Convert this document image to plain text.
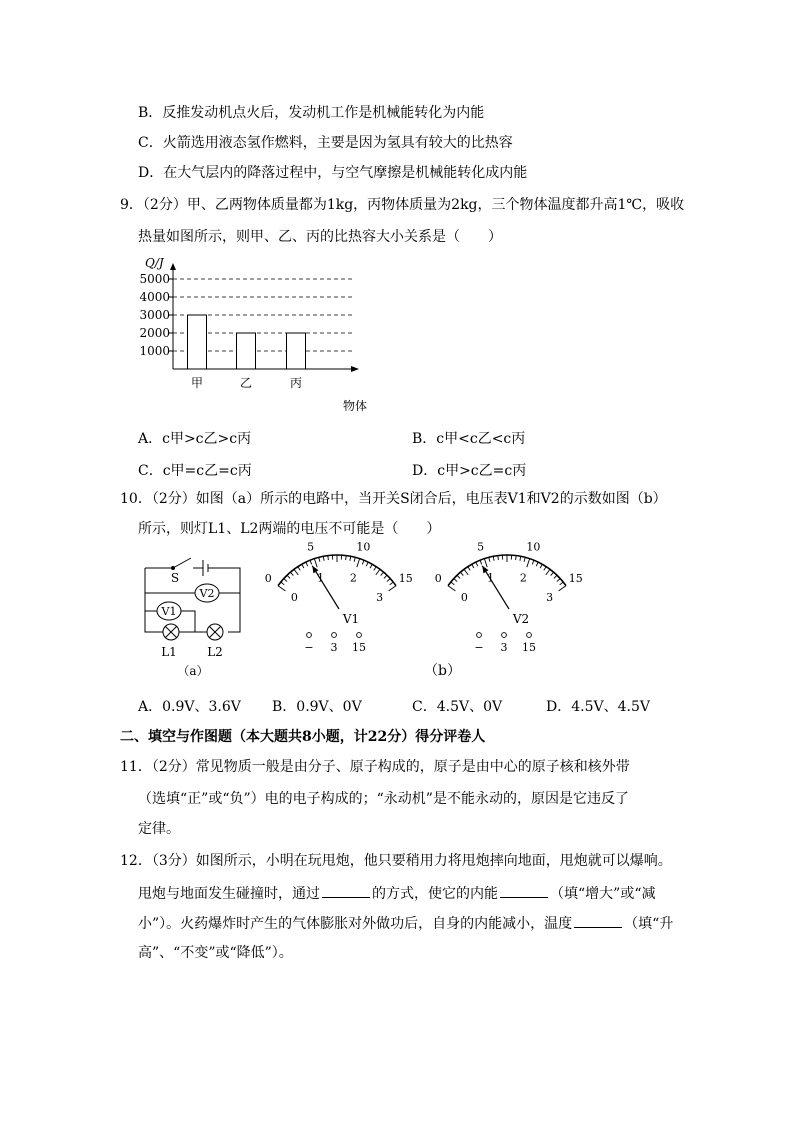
B．反推发动机点火后，发动机工作是机械能转化为内能
C．火箭选用液态氢作燃料，主要是因为氢具有较大的比热容
D．在大气层内的降落过程中，与空气摩擦是机械能转化成内能
9．（2分）甲、乙两物体质量都为1kg，丙物体质量为2kg，三个物体温度都升高1℃，吸收
热量如图所示，则甲、乙、丙的比热容大小关系是（　　）
1000
2000
3000
4000
5000
甲	乙	丙
Q/J
物体
A．c甲>c乙>c丙	B．c甲<c乙<c丙
C．c甲=c乙=c丙	D．c甲>c乙=c丙
10．（2分）如图（a）所示的电路中，当开关S闭合后，电压表V1和V2的示数如图（b）
所示，则灯L1、L2两端的电压不可能是（　　）
V2
V1
S
L1	L2
（a）
0
5	10
15
0
1 2
3
V1
− 3 15
0
5	10
15
0
1 2
3
V2
− 3 15
（b）
A．0.9V、3.6V B．0.9V、0V	C．4.5V、0V	D．4.5V、4.5V
二、填空与作图题（本大题共8小题，计22分）得分评卷人
11．（2分）常见物质一般是由分子、原子构成的，原子是由中心的原子核和核外带
（选填“正”或“负”）电的电子构成的；“永动机”是不能永动的，原因是它违反了
定律。
12．（3分）如图所示，小明在玩甩炮，他只要稍用力将甩炮摔向地面，甩炮就可以爆响。
甩炮与地面发生碰撞时，通过	的方式，使它的内能	（填“增大”或“减
小”）。火药爆炸时产生的气体膨胀对外做功后，自身的内能减小，温度	（填“升
高”、“不变”或“降低”）。
